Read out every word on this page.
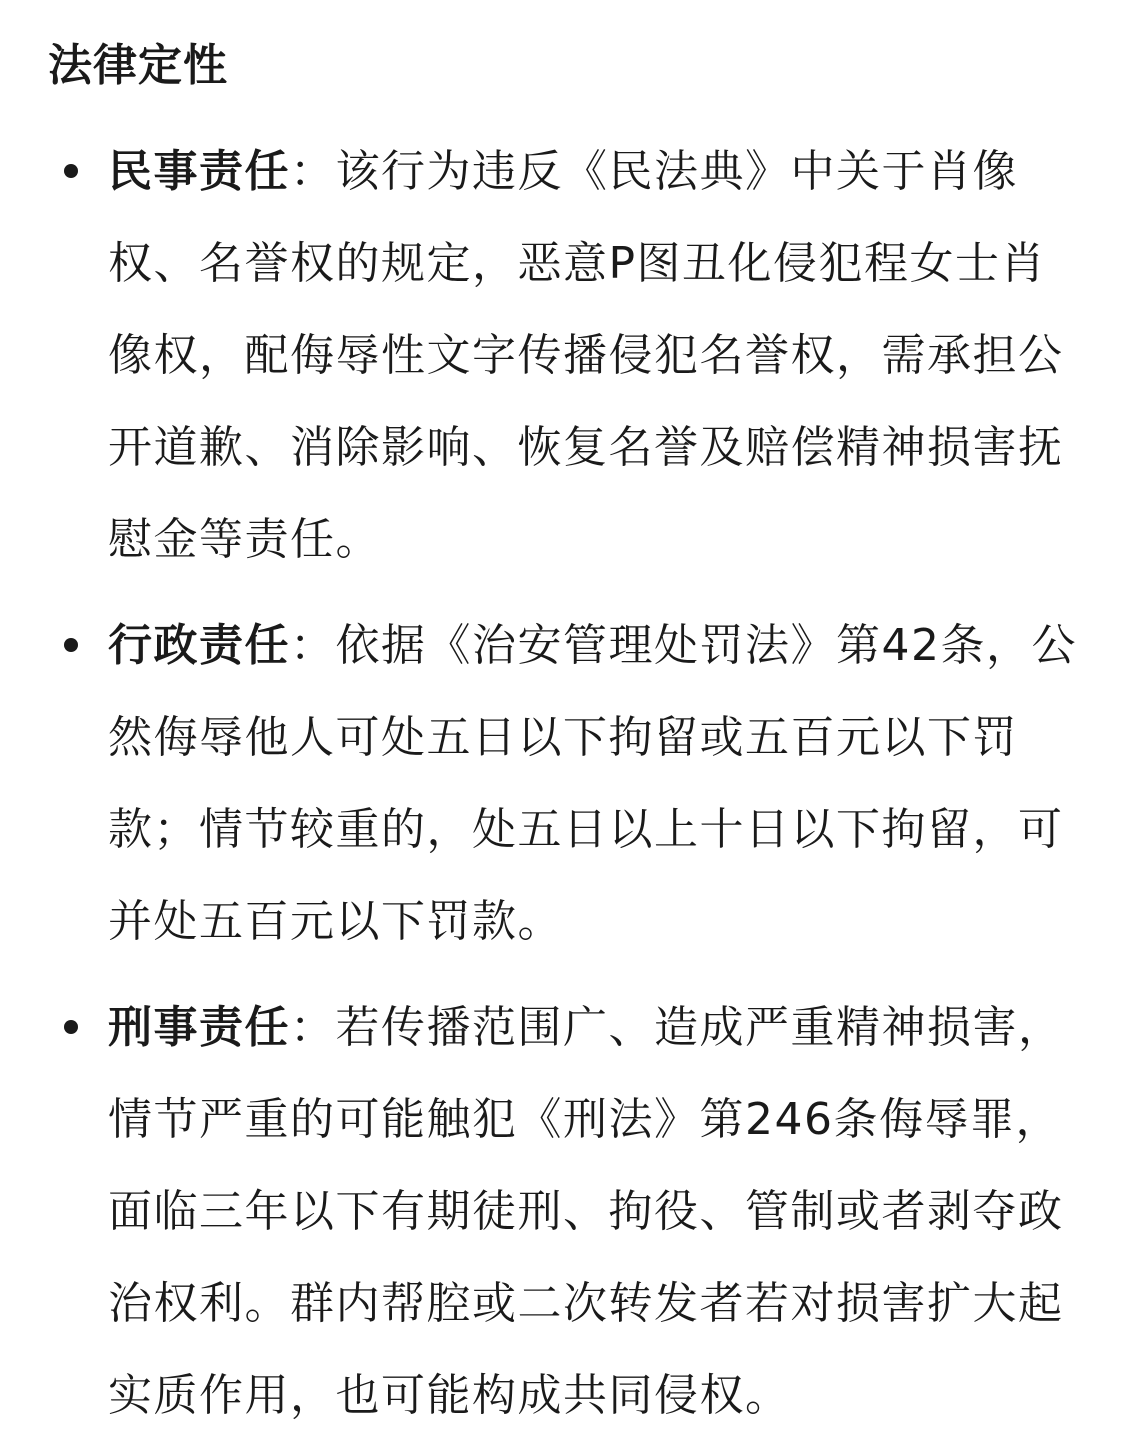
法律定性
民事责任：该行为违反《民法典》中关于肖像权、名誉权的规定，恶意P图丑化侵犯程女士肖像权，配侮辱性文字传播侵犯名誉权，需承担公开道歉、消除影响、恢复名誉及赔偿精神损害抚慰金等责任。
行政责任：依据《治安管理处罚法》第42条，公然侮辱他人可处五日以下拘留或五百元以下罚款；情节较重的，处五日以上十日以下拘留，可并处五百元以下罚款。
刑事责任：若传播范围广、造成严重精神损害，情节严重的可能触犯《刑法》第246条侮辱罪，面临三年以下有期徒刑、拘役、管制或者剥夺政治权利。群内帮腔或二次转发者若对损害扩大起实质作用，也可能构成共同侵权。
